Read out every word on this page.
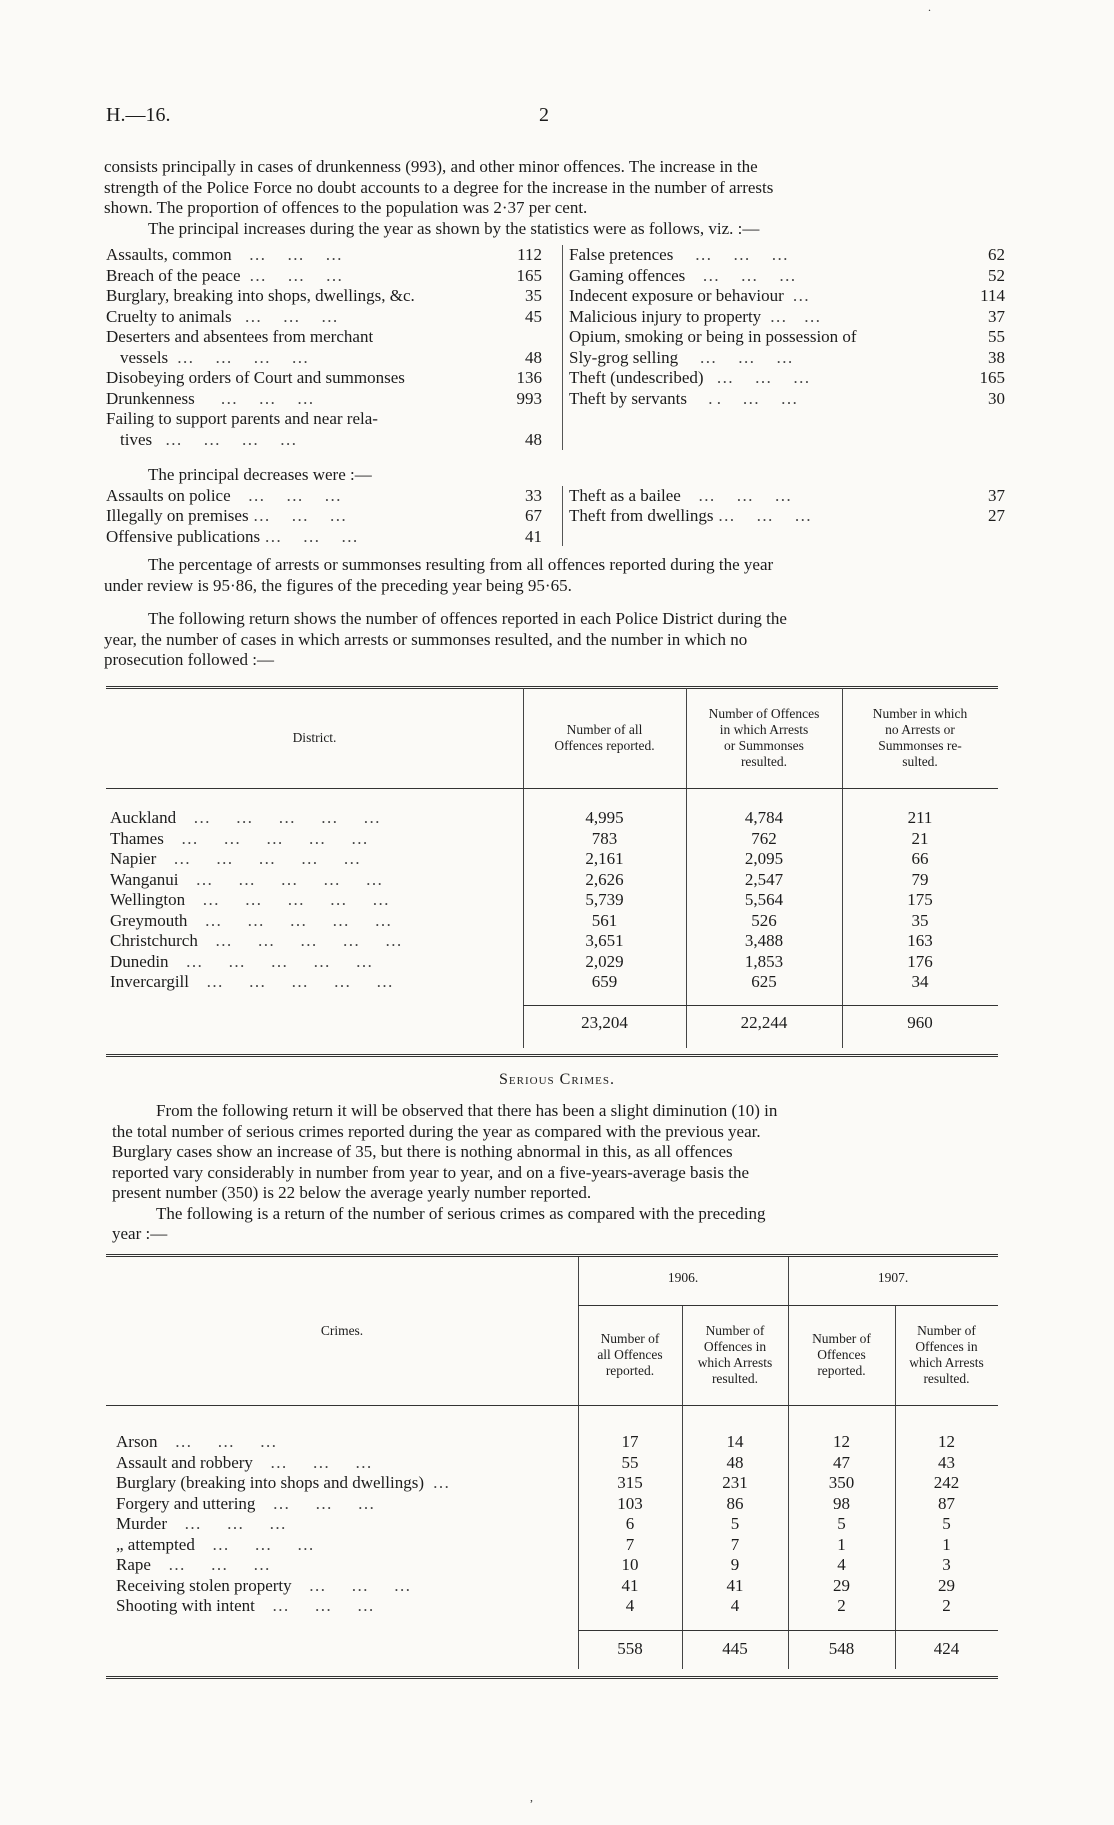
H.—16.	2
consists principally in cases of drunkenness (993), and other minor offences. The increase in the
strength of the Police Force no doubt accounts to a degree for the increase in the number of arrests
shown. The proportion of offences to the population was 2·37 per cent.
The principal increases during the year as shown by the statistics were as follows, viz. :—
Assaults, common    …     …     …	112
Breach of the peace  …     …     …	165
Burglary, breaking into shops, dwellings, &c.	35
Cruelty to animals   …     …     …	45
Deserters and absentees from merchant
vessels  …     …     …     …	48
Disobeying orders of Court and summonses	136
Drunkenness      …     …     …	993
Failing to support parents and near rela-
tives   …     …     …     …	48
False pretences     …     …     …	62
Gaming offences    …     …     …	52
Indecent exposure or behaviour  …	114
Malicious injury to property  …    …	37
Opium, smoking or being in possession of	55
Sly-grog selling     …     …     …	38
Theft (undescribed)   …     …     …	165
Theft by servants     . .     …     …	30
The principal decreases were :—
Assaults on police    …     …     …	33
Illegally on premises …     …     …	67
Offensive publications …     …     …	41
Theft as a bailee    …     …     …	37
Theft from dwellings …     …     …	27
The percentage of arrests or summonses resulting from all offences reported during the year
under review is 95·86, the figures of the preceding year being 95·65.
The following return shows the number of offences reported in each Police District during the
year, the number of cases in which arrests or summonses resulted, and the number in which no
prosecution followed :—
District.
Number of all
Offences reported.
Number of Offences
in which Arrests
or Summonses
resulted.
Number in which
no Arrests or
Summonses re-
sulted.
Auckland    …      …      …      …      …	4,995	4,784	211
Thames    …      …      …      …      …	783	762	21
Napier    …      …      …      …      …	2,161	2,095	66
Wanganui    …      …      …      …      …	2,626	2,547	79
Wellington    …      …      …      …      …	5,739	5,564	175
Greymouth    …      …      …      …      …	561	526	35
Christchurch    …      …      …      …      …	3,651	3,488	163
Dunedin    …      …      …      …      …	2,029	1,853	176
Invercargill    …      …      …      …      …	659	625	34
23,204	22,244	960
Serious Crimes.
From the following return it will be observed that there has been a slight diminution (10) in
the total number of serious crimes reported during the year as compared with the previous year.
Burglary cases show an increase of 35, but there is nothing abnormal in this, as all offences
reported vary considerably in number from year to year, and on a five-years-average basis the
present number (350) is 22 below the average yearly number reported.
The following is a return of the number of serious crimes as compared with the preceding
year :—
Crimes.
1906.	1907.
Number of
all Offences
reported.
Number of
Offences in
which Arrests
resulted.
Number of
Offences
reported.
Number of
Offences in
which Arrests
resulted.
Arson    …      …      …	17	14	12	12
Assault and robbery    …      …      …	55	48	47	43
Burglary (breaking into shops and dwellings)  …	315	231	350	242
Forgery and uttering    …      …      …	103	86	98	87
Murder    …      …      …	6	5	5	5
„ attempted    …      …      …	7	7	1	1
Rape    …      …      …	10	9	4	3
Receiving stolen property    …      …      …	41	41	29	29
Shooting with intent    …      …      …	4	4	2	2
558	445	548	424
.
,
